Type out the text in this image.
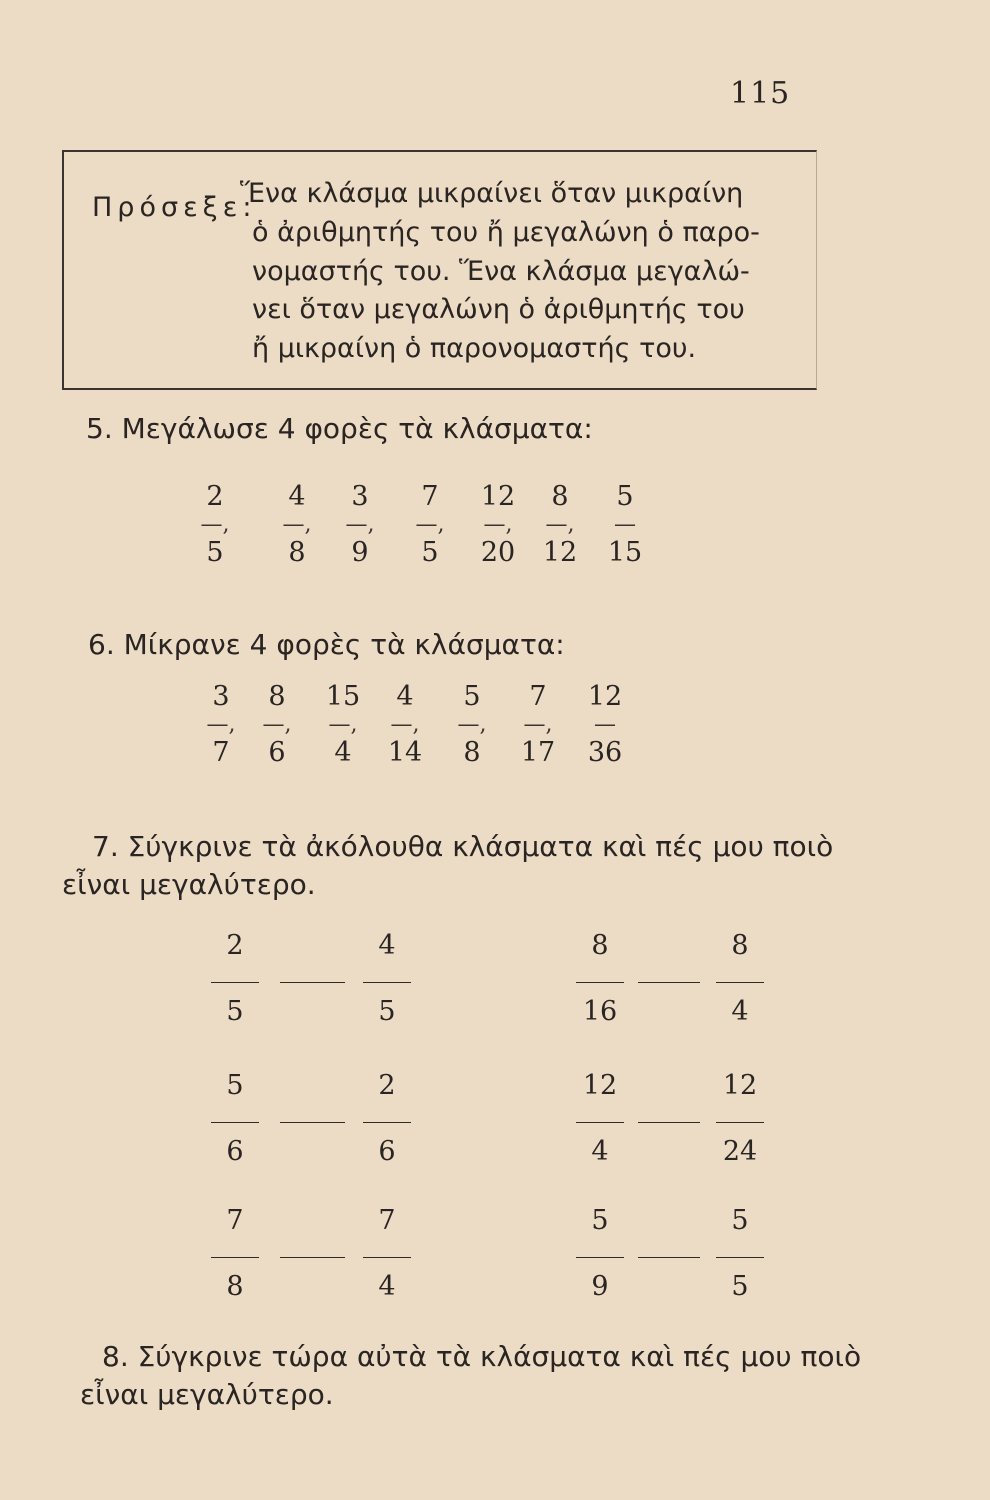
115
Πρόσεξε:
Ἕνα κλάσμα μικραίνει ὅταν μικραίνη
ὁ ἀριθμητής του ἤ μεγαλώνη ὁ παρο-
νομαστής του. Ἕνα κλάσμα μεγαλώ-
νει ὅταν μεγαλώνη ὁ ἀριθμητής του
ἤ μικραίνη ὁ παρονομαστής του.
5. Μεγάλωσε 4 φορὲς τὰ κλάσματα:
2
—,
5
4
—,
8
3
—,
9
7
—,
5
12
—,
20
8
—,
12
5
—
15
6. Μίκρανε 4 φορὲς τὰ κλάσματα:
3
—,
7
8
—,
6
15
—,
4
4
—,
14
5
—,
8
7
—,
17
12
—
36
7. Σύγκρινε τὰ ἀκόλουθα κλάσματα καὶ πές μου ποιὸ
εἶναι μεγαλύτερο.
2
5
4
5
8
16
8
4
5
6
2
6
12
4
12
24
7
8
7
4
5
9
5
5
8. Σύγκρινε τώρα αὐτὰ τὰ κλάσματα καὶ πές μου ποιὸ
εἶναι μεγαλύτερο.
